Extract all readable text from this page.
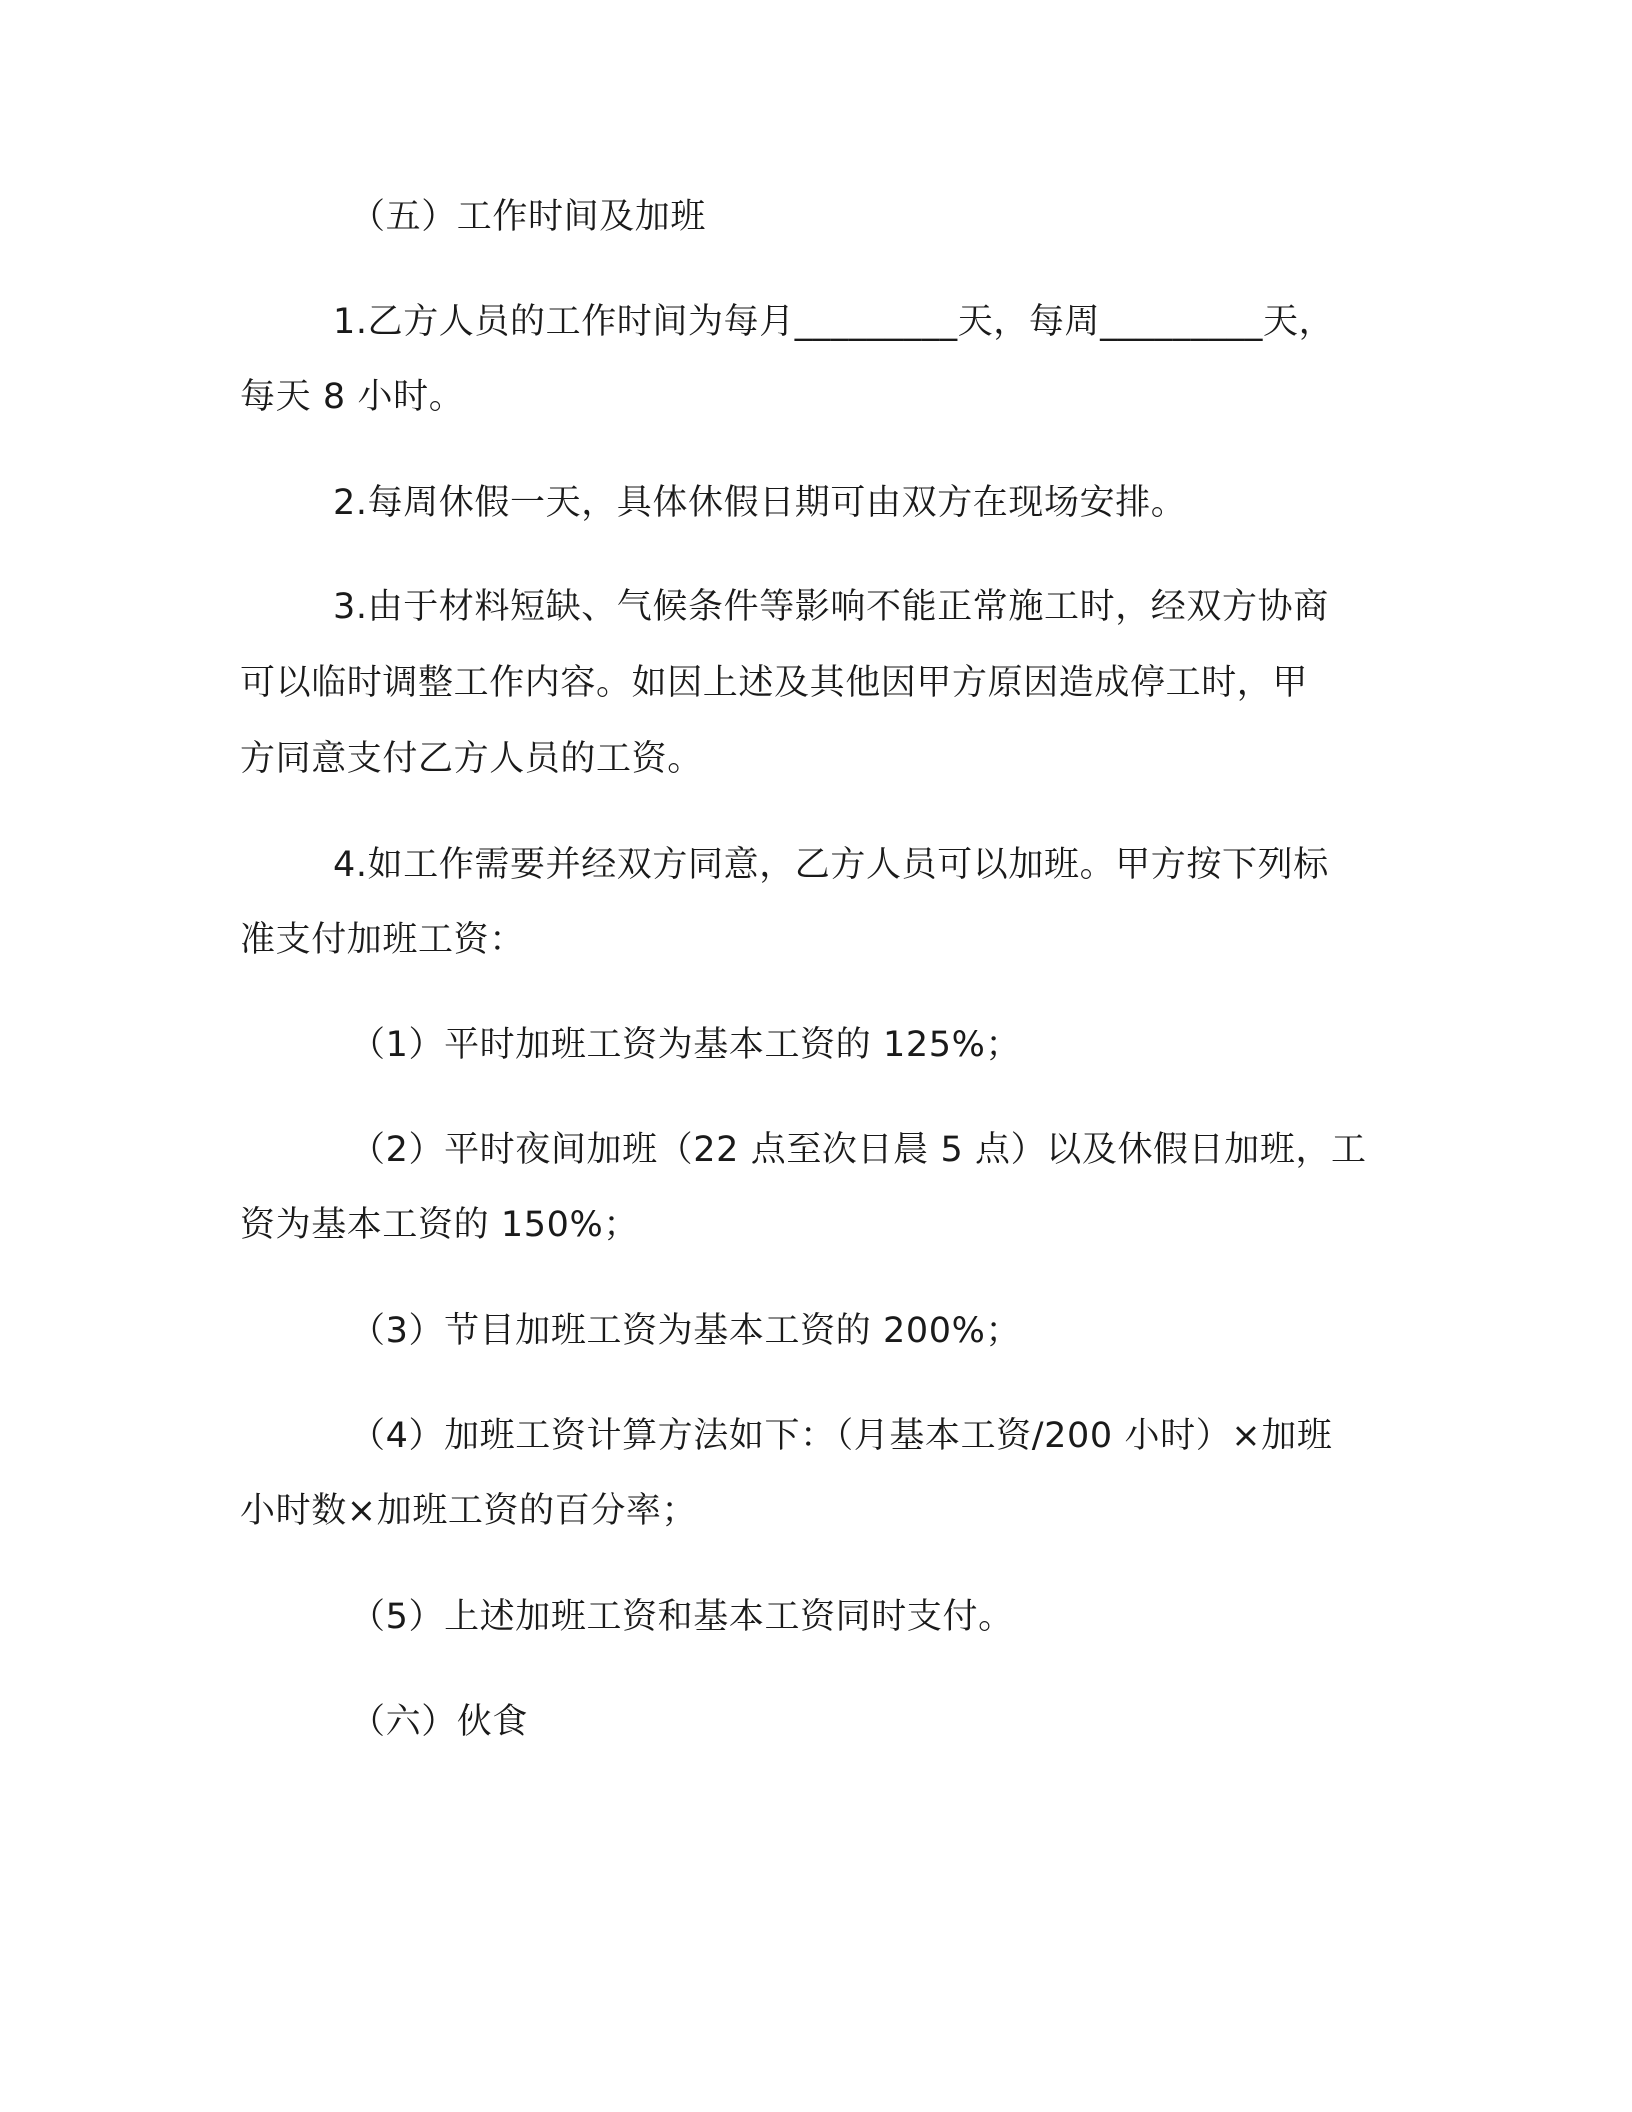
（五）工作时间及加班
1.乙方人员的工作时间为每月_________天，每周_________天，
每天 8 小时。
2.每周休假一天，具体休假日期可由双方在现场安排。
3.由于材料短缺、气候条件等影响不能正常施工时，经双方协商
可以临时调整工作内容。如因上述及其他因甲方原因造成停工时，甲
方同意支付乙方人员的工资。
4.如工作需要并经双方同意，乙方人员可以加班。甲方按下列标
准支付加班工资：
（1）平时加班工资为基本工资的 125%；
（2）平时夜间加班（22 点至次日晨 5 点）以及休假日加班，工
资为基本工资的 150%；
（3）节目加班工资为基本工资的 200%；
（4）加班工资计算方法如下：（月基本工资/200 小时）×加班
小时数×加班工资的百分率；
（5）上述加班工资和基本工资同时支付。
（六）伙食
